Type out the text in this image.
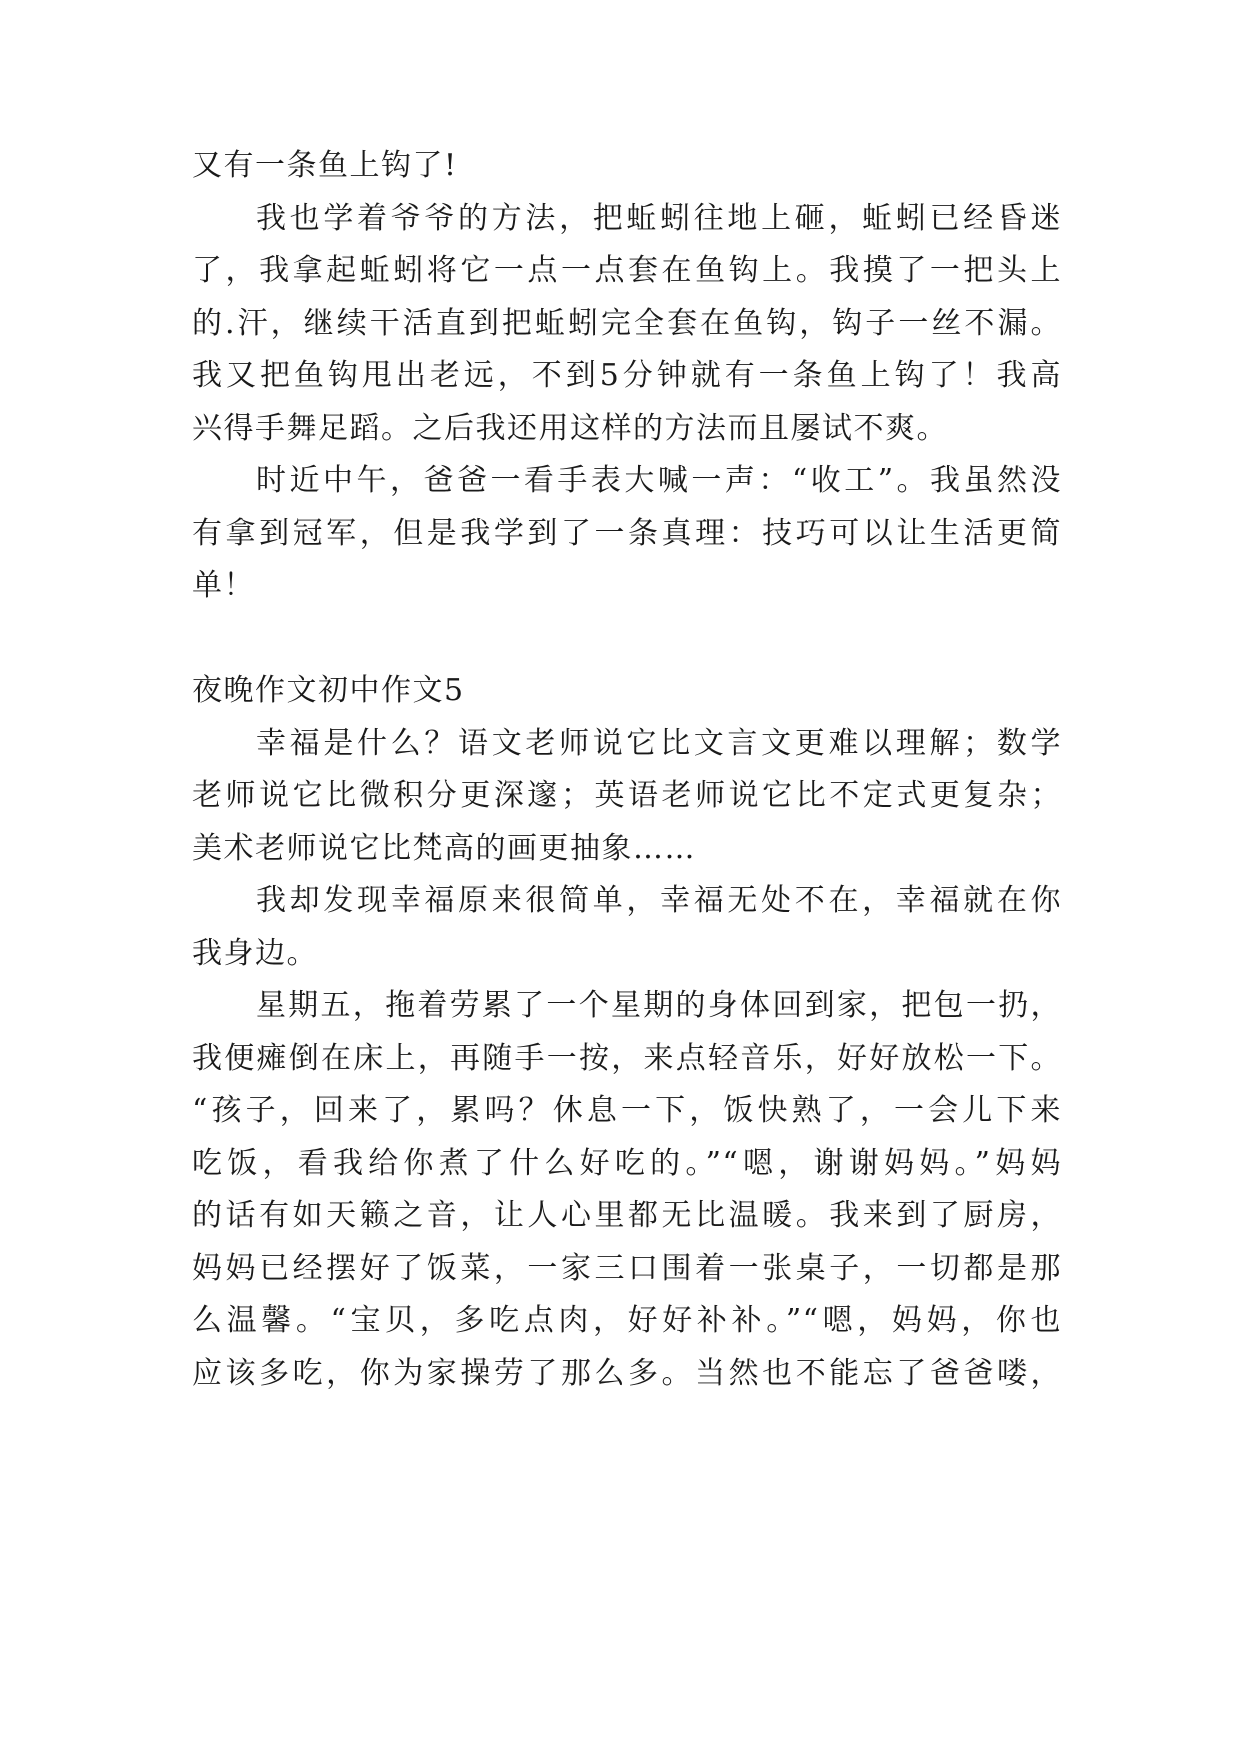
又有一条鱼上钩了!
我也学着爷爷的方法，把蚯蚓往地上砸，蚯蚓已经昏迷
了，我拿起蚯蚓将它一点一点套在鱼钩上。我摸了一把头上
的.汗，继续干活直到把蚯蚓完全套在鱼钩，钩子一丝不漏。
我又把鱼钩甩出老远，不到5分钟就有一条鱼上钩了！我高
兴得手舞足蹈。之后我还用这样的方法而且屡试不爽。
时近中午，爸爸一看手表大喊一声：“收工”。我虽然没
有拿到冠军，但是我学到了一条真理：技巧可以让生活更简
单！
夜晚作文初中作文5
幸福是什么？语文老师说它比文言文更难以理解；数学
老师说它比微积分更深邃；英语老师说它比不定式更复杂；
美术老师说它比梵高的画更抽象……
我却发现幸福原来很简单，幸福无处不在，幸福就在你
我身边。
星期五，拖着劳累了一个星期的身体回到家，把包一扔，
我便瘫倒在床上，再随手一按，来点轻音乐，好好放松一下。
“孩子，回来了，累吗？休息一下，饭快熟了，一会儿下来
吃饭，看我给你煮了什么好吃的。”“嗯，谢谢妈妈。”妈妈
的话有如天籁之音，让人心里都无比温暖。我来到了厨房，
妈妈已经摆好了饭菜，一家三口围着一张桌子，一切都是那
么温馨。“宝贝，多吃点肉，好好补补。”“嗯，妈妈，你也
应该多吃，你为家操劳了那么多。当然也不能忘了爸爸喽，
